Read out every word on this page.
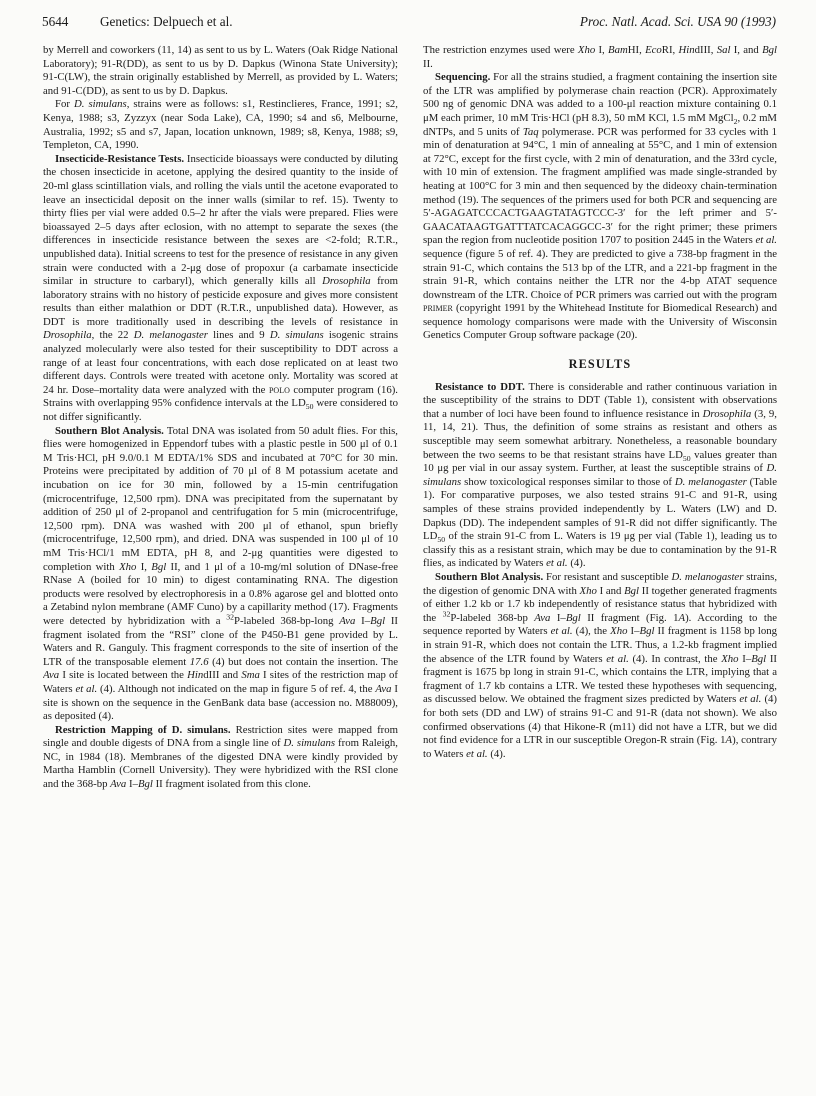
5644 Genetics: Delpuech et al.	Proc. Natl. Acad. Sci. USA 90 (1993)

by Merrell and coworkers (11, 14) as sent to us by L. Waters (Oak Ridge National Laboratory); 91-R(DD), as sent to us by D. Dapkus (Winona State University); 91-C(LW), the strain originally established by Merrell, as provided by L. Waters; and 91-C(DD), as sent to us by D. Dapkus.

For D. simulans, strains were as follows: s1, Restinclieres, France, 1991; s2, Kenya, 1988; s3, Zyzzyx (near Soda Lake), CA, 1990; s4 and s6, Melbourne, Australia, 1992; s5 and s7, Japan, location unknown, 1989; s8, Kenya, 1988; s9, Templeton, CA, 1990.

Insecticide-Resistance Tests. Insecticide bioassays were conducted by diluting the chosen insecticide in acetone, applying the desired quantity to the inside of 20-ml glass scintillation vials, and rolling the vials until the acetone evaporated to leave an insecticidal deposit on the inner walls (similar to ref. 15). Twenty to thirty flies per vial were added 0.5–2 hr after the vials were prepared. Flies were bioassayed 2–5 days after eclosion, with no attempt to separate the sexes (the differences in insecticide resistance between the sexes are <2-fold; R.T.R., unpublished data). Initial screens to test for the presence of resistance in any given strain were conducted with a 2-μg dose of propoxur (a carbamate insecticide similar in structure to carbaryl), which generally kills all Drosophila from laboratory strains with no history of pesticide exposure and gives more consistent results than either malathion or DDT (R.T.R., unpublished data). However, as DDT is more traditionally used in describing the levels of resistance in Drosophila, the 22 D. melanogaster lines and 9 D. simulans isogenic strains analyzed molecularly were also tested for their susceptibility to DDT across a range of at least four concentrations, with each dose replicated on at least two different days. Controls were treated with acetone only. Mortality was scored at 24 hr. Dose–mortality data were analyzed with the polo computer program (16). Strains with overlapping 95% confidence intervals at the $LD_{50}$ were considered to not differ significantly.

Southern Blot Analysis. Total DNA was isolated from 50 adult flies. For this, flies were homogenized in Eppendorf tubes with a plastic pestle in 500 μl of 0.1 M Tris·HCl, pH 9.0/0.1 M EDTA/1% SDS and incubated at 70°C for 30 min. Proteins were precipitated by addition of 70 μl of 8 M potassium acetate and incubation on ice for 30 min, followed by a 15-min centrifugation (microcentrifuge, 12,500 rpm). DNA was precipitated from the supernatant by addition of 250 μl of 2-propanol and centrifugation for 5 min (microcentrifuge, 12,500 rpm). DNA was washed with 200 μl of ethanol, spun briefly (microcentrifuge, 12,500 rpm), and dried. DNA was suspended in 100 μl of 10 mM Tris·HCl/1 mM EDTA, pH 8, and 2-μg quantities were digested to completion with Xho I, Bgl II, and 1 μl of a 10-mg/ml solution of DNase-free RNase A (boiled for 10 min) to digest contaminating RNA. The digestion products were resolved by electrophoresis in a 0.8% agarose gel and blotted onto a Zetabind nylon membrane (AMF Cuno) by a capillarity method (17). Fragments were detected by hybridization with a $^{32}$P-labeled 368-bp-long Ava I–Bgl II fragment isolated from the “RSI” clone of the P450-B1 gene provided by L. Waters and R. Ganguly. This fragment corresponds to the site of insertion of the LTR of the transposable element 17.6 (4) but does not contain the insertion. The Ava I site is located between the HindIII and Sma I sites of the restriction map of Waters et al. (4). Although not indicated on the map in figure 5 of ref. 4, the Ava I site is shown on the sequence in the GenBank data base (accession no. M88009), as deposited (4).

Restriction Mapping of D. simulans. Restriction sites were mapped from single and double digests of DNA from a single line of D. simulans from Raleigh, NC, in 1984 (18). Membranes of the digested DNA were kindly provided by Martha Hamblin (Cornell University). They were hybridized with the RSI clone and the 368-bp Ava I–Bgl II fragment isolated from this clone.

The restriction enzymes used were Xho I, BamHI, EcoRI, HindIII, Sal I, and Bgl II.

Sequencing. For all the strains studied, a fragment containing the insertion site of the LTR was amplified by polymerase chain reaction (PCR). Approximately 500 ng of genomic DNA was added to a 100-μl reaction mixture containing 0.1 μM each primer, 10 mM Tris·HCl (pH 8.3), 50 mM KCl, 1.5 mM MgCl$_2$, 0.2 mM dNTPs, and 5 units of Taq polymerase. PCR was performed for 33 cycles with 1 min of denaturation at 94°C, 1 min of annealing at 55°C, and 1 min of extension at 72°C, except for the first cycle, with 2 min of denaturation, and the 33rd cycle, with 10 min of extension. The fragment amplified was made single-stranded by heating at 100°C for 3 min and then sequenced by the dideoxy chain-termination method (19). The sequences of the primers used for both PCR and sequencing are 5′-AGAGATCCCACTGAAGTATAGTCCC-3′ for the left primer and 5′-GAACATAAGTGATTTATCACAGGCC-3′ for the right primer; these primers span the region from nucleotide position 1707 to position 2445 in the Waters et al. sequence (figure 5 of ref. 4). They are predicted to give a 738-bp fragment in the strain 91-C, which contains the 513 bp of the LTR, and a 221-bp fragment in the strain 91-R, which contains neither the LTR nor the 4-bp ATAT sequence downstream of the LTR. Choice of PCR primers was carried out with the program primer (copyright 1991 by the Whitehead Institute for Biomedical Research) and sequence homology comparisons were made with the University of Wisconsin Genetics Computer Group software package (20).

RESULTS

Resistance to DDT. There is considerable and rather continuous variation in the susceptibility of the strains to DDT (Table 1), consistent with observations that a number of loci have been found to influence resistance in Drosophila (3, 9, 11, 14, 21). Thus, the definition of some strains as resistant and others as susceptible may seem somewhat arbitrary. Nonetheless, a reasonable boundary between the two seems to be that resistant strains have $LD_{50}$ values greater than 10 μg per vial in our assay system. Further, at least the susceptible strains of D. simulans show toxicological responses similar to those of D. melanogaster (Table 1). For comparative purposes, we also tested strains 91-C and 91-R, using samples of these strains provided independently by L. Waters (LW) and D. Dapkus (DD). The independent samples of 91-R did not differ significantly. The $LD_{50}$ of the strain 91-C from L. Waters is 19 μg per vial (Table 1), leading us to classify this as a resistant strain, which may be due to contamination by the 91-R flies, as indicated by Waters et al. (4).

Southern Blot Analysis. For resistant and susceptible D. melanogaster strains, the digestion of genomic DNA with Xho I and Bgl II together generated fragments of either 1.2 kb or 1.7 kb independently of resistance status that hybridized with the $^{32}$P-labeled 368-bp Ava I–Bgl II fragment (Fig. 1A). According to the sequence reported by Waters et al. (4), the Xho I–Bgl II fragment is 1158 bp long in strain 91-R, which does not contain the LTR. Thus, a 1.2-kb fragment implied the absence of the LTR found by Waters et al. (4). In contrast, the Xho I–Bgl II fragment is 1675 bp long in strain 91-C, which contains the LTR, implying that a fragment of 1.7 kb contains a LTR. We tested these hypotheses with sequencing, as discussed below. We obtained the fragment sizes predicted by Waters et al. (4) for both sets (DD and LW) of strains 91-C and 91-R (data not shown). We also confirmed observations (4) that Hikone-R (m11) did not have a LTR, but we did not find evidence for a LTR in our susceptible Oregon-R strain (Fig. 1A), contrary to Waters et al. (4).
